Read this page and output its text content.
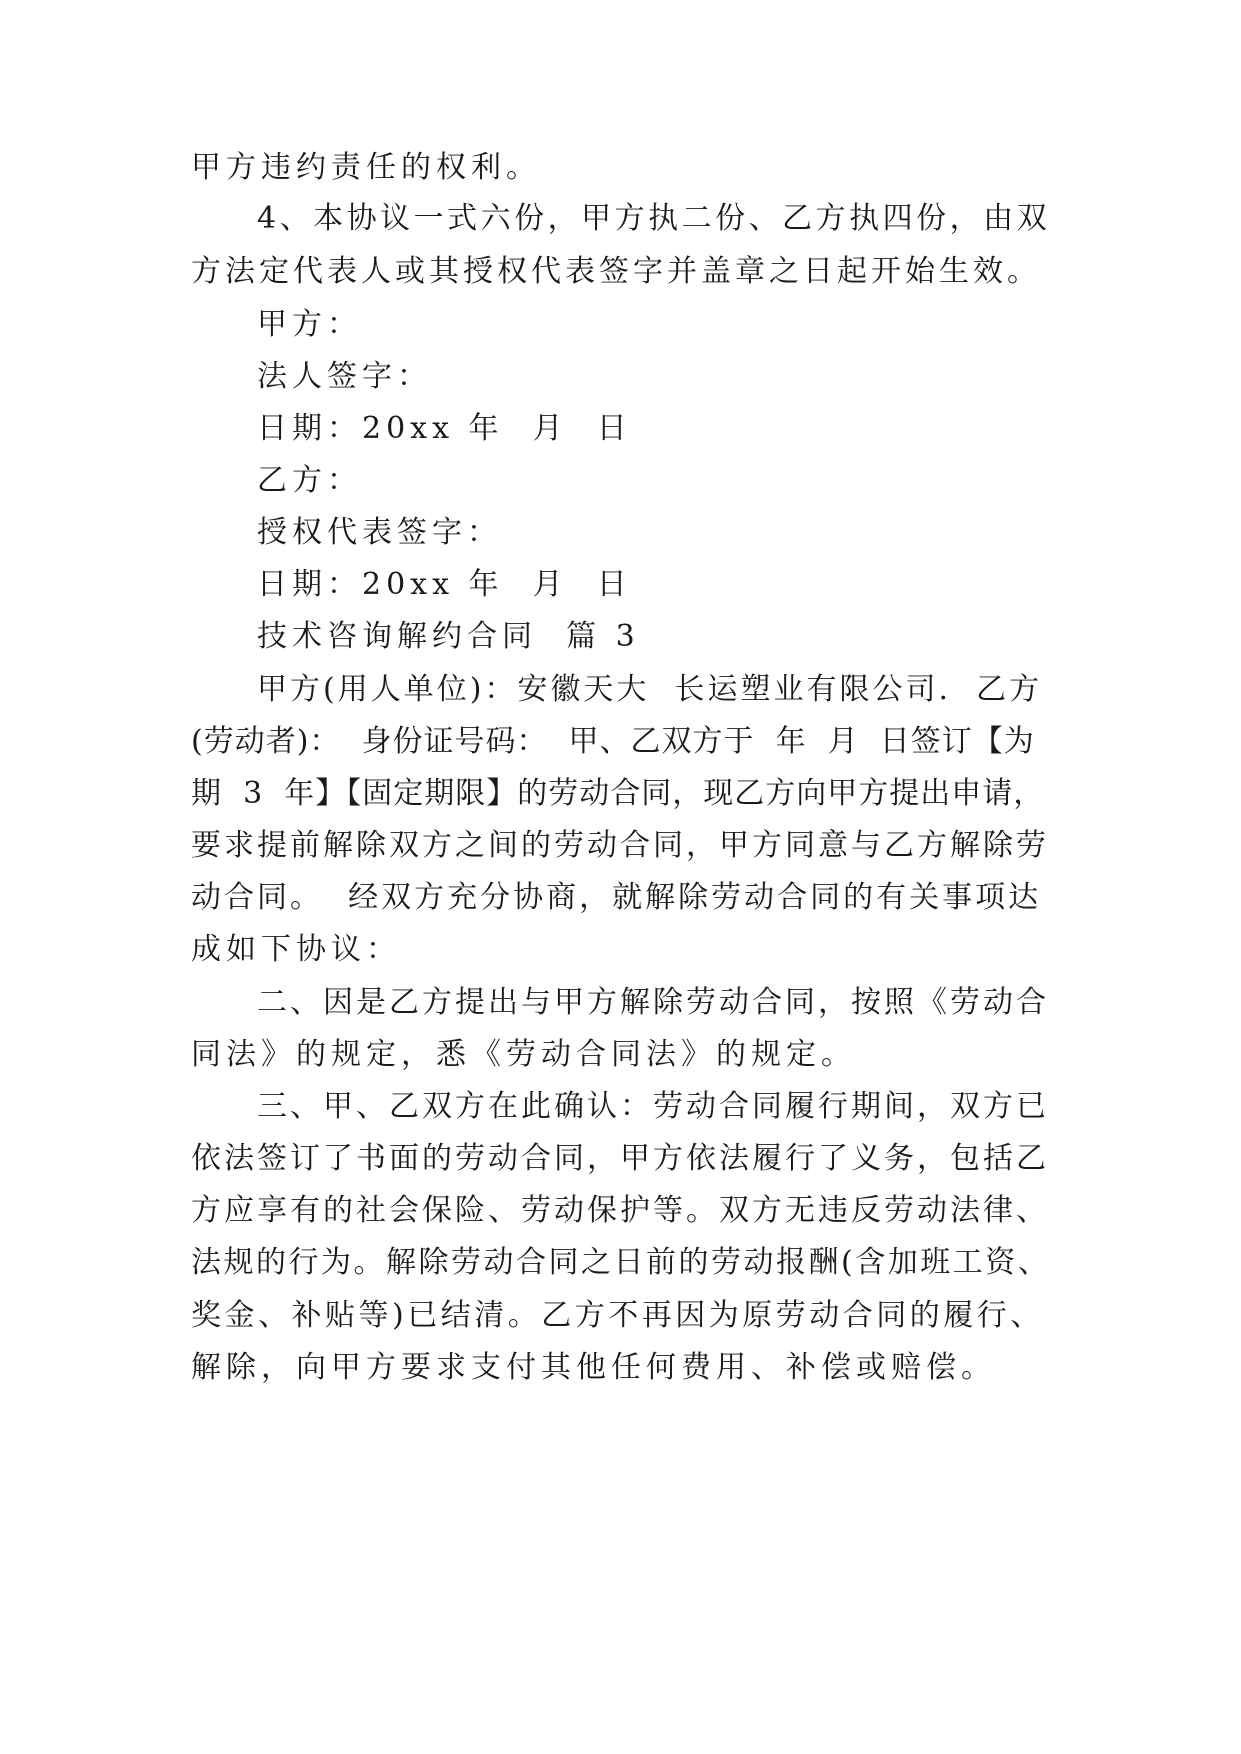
甲方违约责任的权利。
4、本协议一式六份，甲方执二份、乙方执四份，由双
方法定代表人或其授权代表签字并盖章之日起开始生效。
甲方：
法人签字：
日期：20xx 年  月  日
乙方：
授权代表签字：
日期：20xx 年  月  日
技术咨询解约合同  篇 3
甲方(用人单位)：安徽天大  长运塑业有限公司.  乙方
(劳动者)：  身份证号码：  甲、乙双方于  年  月  日签订【为
期  3  年】【固定期限】的劳动合同，现乙方向甲方提出申请，
要求提前解除双方之间的劳动合同，甲方同意与乙方解除劳
动合同。  经双方充分协商，就解除劳动合同的有关事项达
成如下协议：
二、因是乙方提出与甲方解除劳动合同，按照《劳动合
同法》的规定，悉《劳动合同法》的规定。
三、甲、乙双方在此确认：劳动合同履行期间，双方已
依法签订了书面的劳动合同，甲方依法履行了义务，包括乙
方应享有的社会保险、劳动保护等。双方无违反劳动法律、
法规的行为。解除劳动合同之日前的劳动报酬(含加班工资、
奖金、补贴等)已结清。乙方不再因为原劳动合同的履行、
解除，向甲方要求支付其他任何费用、补偿或赔偿。
